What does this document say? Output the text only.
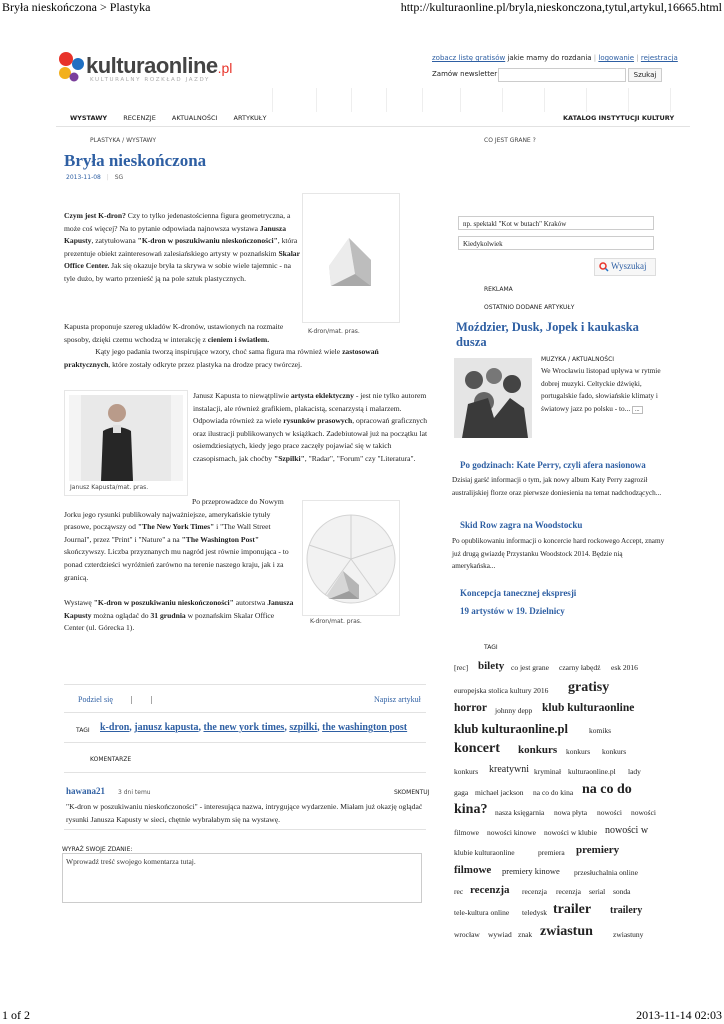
Bryła nieskończona > Plastyka	http://kulturaonline.pl/bryla,nieskonczona,tytul,artykul,16665.html
kulturaonline.pl
KULTURALNY ROZKŁAD JAZDY
zobacz listę gratisów jakie mamy do rozdania | logowanie | rejestracja
Zamów newsletter	Szukaj
WYSTAWY RECENZJE AKTUALNOŚCI ARTYKUŁY	KATALOG INSTYTUCJI KULTURY
PLASTYKA / WYSTAWY	CO JEST GRANE ?
Bryła nieskończona
2013-11-08 | SG
K-dron/mat. pras.
Czym jest K-dron? Czy to tylko jedenastościenna figura geometryczna, a może coś więcej? Na to pytanie odpowiada najnowsza wystawa Janusza Kapusty, zatytułowana "K-dron w poszukiwaniu nieskończoności", która prezentuje obiekt zainteresowań zalesiańskiego artysty w poznańskim Skalar Office Center. Jak się okazuje bryła ta skrywa w sobie wiele tajemnic - na tyle dużo, by warto przenieść ją na pole sztuk plastycznych.
Kapusta proponuje szereg układów K-dronów, ustawionych na rozmaite sposoby, dzięki czemu wchodzą w interakcję z cieniem i światłem.
Kąty jego padania tworzą inspirujące wzory, choć sama figura ma również wiele zastosowań praktycznych, które zostały odkryte przez plastyka na drodze pracy twórczej.
Janusz Kapusta/mat. pras.
Janusz Kapusta to niewątpliwie artysta eklektyczny - jest nie tylko autorem instalacji, ale również grafikiem, plakacistą, scenarzystą i malarzem. Odpowiada również za wiele rysunków prasowych, opracowań graficznych oraz ilustracji publikowanych w książkach. Zadebiutował już na początku lat osiemdziesiątych, kiedy jego prace zaczęły pojawiać się w takich czasopismach, jak choćby "Szpilki", "Radar", "Forum" czy "Literatura".
Po przeprowadzce do Nowym Jorku jego rysunki publikowały najważniejsze, amerykańskie tytuły prasowe, począwszy od "The New York Times" i "The Wall Street Journal", przez "Print" i "Nature" a na "The Washington Post" skończywszy. Liczba przyznanych mu nagród jest równie imponująca - to ponad czterdzieści wyróżnień zarówno na terenie naszego kraju, jak i za granicą.
K-dron/mat. pras.
Wystawę "K-dron w poszukiwaniu nieskończoności" autorstwa Janusza Kapusty można oglądać do 31 grudnia w poznańskim Skalar Office Center (ul. Górecka 1).
Podziel się | |	Napisz artykuł
TAGI k-dron, janusz kapusta, the new york times, szpilki, the washington post
KOMENTARZE
hawana21 3 dni temu	SKOMENTUJ
"K-dron w poszukiwaniu nieskończoności" - interesująca nazwa, intrygujące wydarzenie. Miałam już okazję oglądać rysunki Janusza Kapusty w sieci, chętnie wybrałabym się na wystawę.
WYRAŹ SWOJE ZDANIE:
Wprowadź treść swojego komentarza tutaj.
np. spektakl "Kot w butach" Kraków
Kiedykolwiek
Wyszukaj
REKLAMA
OSTATNIO DODANE ARTYKUŁY
Moździer, Dusk, Jopek i kaukaska dusza
MUZYKA / AKTUALNOŚCI
We Wrocławiu listopad upływa w rytmie dobrej muzyki. Celtyckie dźwięki, portugalskie fado, słowiańskie klimaty i światowy jazz po polsku - to... ...
Po godzinach: Kate Perry, czyli afera nasionowa
Dzisiaj garść informacji o tym, jak nowy album Katy Perry zagroził australijskiej florze oraz pierwsze doniesienia na temat nadchodzących...
Skid Row zagra na Woodstocku
Po opublikowaniu informacji o koncercie hard rockowego Accept, znamy już drugą gwiazdę Przystanku Woodstock 2014. Będzie nią amerykańska...
Koncepcja tanecznej ekspresji
19 artystów w 19. Dzielnicy
TAGI
[rec] bilety co jest grane czarny łabędź esk 2016
europejska stolica kultury 2016 gratisy
horror johnny depp klub kulturaonline
klub kulturaonline.pl	komiks
koncert konkurs konkurs konkurs
konkurs kreatywni kryminał kulturaonline.pl lady
gaga michael jackson na co do kina na co do
kina? nasza księgarnia nowa płyta nowości nowości
filmowe nowości kinowe nowości w klubie nowości w
klubie kulturaonline	premiera premiery
filmowe premiery kinowe przesłuchalnia online
rec recenzja recenzja recenzja serial sonda
tele-kultura online teledysk trailer trailery
wrocław wywiad znak zwiastun	zwiastuny
1 of 2	2013-11-14 02:03
